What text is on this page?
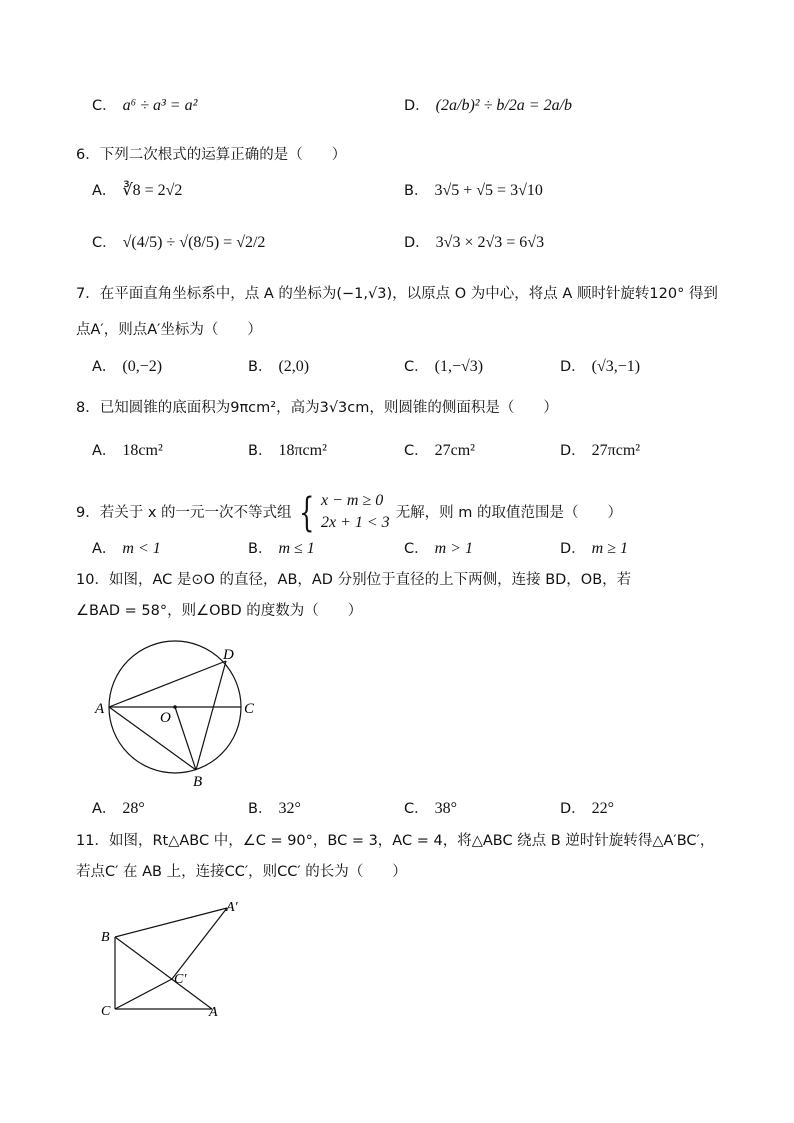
C． a⁶ ÷ a³ = a²	D． (2a/b)² ÷ b/2a = 2a/b
6．下列二次根式的运算正确的是（　　）
A． ∛8 = 2√2	B． 3√5 + √5 = 3√10
C． √(4/5) ÷ √(8/5) = √2/2	D． 3√3 × 2√3 = 6√3
7．在平面直角坐标系中，点 A 的坐标为(−1,√3)，以原点 O 为中心，将点 A 顺时针旋转120° 得到
点A′，则点A′坐标为（　　）
A． (0,−2)	B． (2,0)	C． (1,−√3)	D． (√3,−1)
8．已知圆锥的底面积为9πcm²，高为3√3cm，则圆锥的侧面积是（　　）
A． 18cm²	B． 18πcm²	C． 27cm²	D． 27πcm²
9．若关于 x 的一元一次不等式组 { x − m ≥ 0
2x + 1 < 3
无解，则 m 的取值范围是（　　）
A． m < 1	B． m ≤ 1	C． m > 1	D． m ≥ 1
10．如图，AC 是⊙O 的直径，AB，AD 分别位于直径的上下两侧，连接 BD，OB，若
∠BAD = 58°，则∠OBD 的度数为（　　）
A	C
D
O
B
A． 28°	B． 32°	C． 38°	D． 22°
11．如图，Rt△ABC 中，∠C = 90°，BC = 3，AC = 4，将△ABC 绕点 B 逆时针旋转得△A′BC′，
若点C′ 在 AB 上，连接CC′，则CC′ 的长为（　　）
B
C	A
A′
C′
